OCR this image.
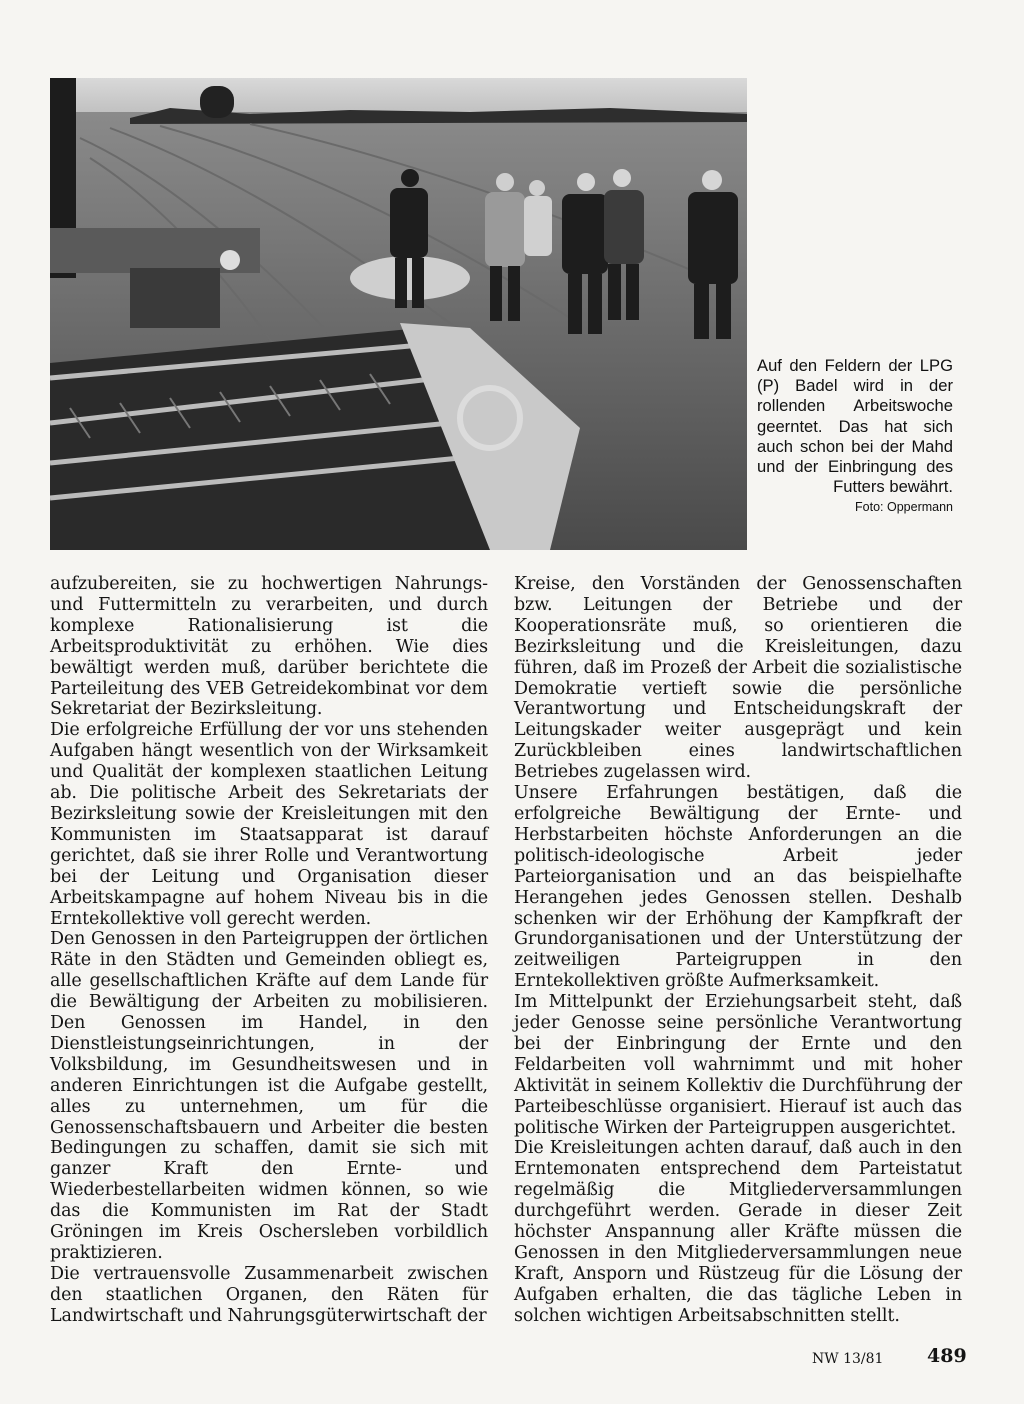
Auf den Feldern der LPG (P) Badel wird in der rollenden Arbeitswoche geerntet. Das hat sich auch schon bei der Mahd und der Einbringung des Futters bewährt.
Foto: Oppermann

aufzubereiten, sie zu hochwertigen Nahrungs- und Futtermitteln zu verarbeiten, und durch komplexe Rationalisierung ist die Arbeitsproduktivität zu erhöhen. Wie dies bewältigt werden muß, darüber berichtete die Parteileitung des VEB Getreidekombinat vor dem Sekretariat der Bezirksleitung.

Die erfolgreiche Erfüllung der vor uns stehenden Aufgaben hängt wesentlich von der Wirksamkeit und Qualität der komplexen staatlichen Leitung ab. Die politische Arbeit des Sekretariats der Bezirksleitung sowie der Kreisleitungen mit den Kommunisten im Staatsapparat ist darauf gerichtet, daß sie ihrer Rolle und Verantwortung bei der Leitung und Organisation dieser Arbeitskampagne auf hohem Niveau bis in die Erntekollektive voll gerecht werden.

Den Genossen in den Parteigruppen der örtlichen Räte in den Städten und Gemeinden obliegt es, alle gesellschaftlichen Kräfte auf dem Lande für die Bewältigung der Arbeiten zu mobilisieren. Den Genossen im Handel, in den Dienstleistungseinrichtungen, in der Volksbildung, im Gesundheitswesen und in anderen Einrichtungen ist die Aufgabe gestellt, alles zu unternehmen, um für die Genossenschaftsbauern und Arbeiter die besten Bedingungen zu schaffen, damit sie sich mit ganzer Kraft den Ernte- und Wiederbestellarbeiten widmen können, so wie das die Kommunisten im Rat der Stadt Gröningen im Kreis Oschersleben vorbildlich praktizieren.

Die vertrauensvolle Zusammenarbeit zwischen den staatlichen Organen, den Räten für Landwirtschaft und Nahrungsgüterwirtschaft der

Kreise, den Vorständen der Genossenschaften bzw. Leitungen der Betriebe und der Kooperationsräte muß, so orientieren die Bezirksleitung und die Kreisleitungen, dazu führen, daß im Prozeß der Arbeit die sozialistische Demokratie vertieft sowie die persönliche Verantwortung und Entscheidungskraft der Leitungskader weiter ausgeprägt und kein Zurückbleiben eines landwirtschaftlichen Betriebes zugelassen wird.

Unsere Erfahrungen bestätigen, daß die erfolgreiche Bewältigung der Ernte- und Herbstarbeiten höchste Anforderungen an die politisch-ideologische Arbeit jeder Parteiorganisation und an das beispielhafte Herangehen jedes Genossen stellen. Deshalb schenken wir der Erhöhung der Kampfkraft der Grundorganisationen und der Unterstützung der zeitweiligen Parteigruppen in den Erntekollektiven größte Aufmerksamkeit.

Im Mittelpunkt der Erziehungsarbeit steht, daß jeder Genosse seine persönliche Verantwortung bei der Einbringung der Ernte und den Feldarbeiten voll wahrnimmt und mit hoher Aktivität in seinem Kollektiv die Durchführung der Parteibeschlüsse organisiert. Hierauf ist auch das politische Wirken der Parteigruppen ausgerichtet.

Die Kreisleitungen achten darauf, daß auch in den Erntemonaten entsprechend dem Parteistatut regelmäßig die Mitgliederversammlungen durchgeführt werden. Gerade in dieser Zeit höchster Anspannung aller Kräfte müssen die Genossen in den Mitgliederversammlungen neue Kraft, Ansporn und Rüstzeug für die Lösung der Aufgaben erhalten, die das tägliche Leben in solchen wichtigen Arbeitsabschnitten stellt.

NW 13/81 489
